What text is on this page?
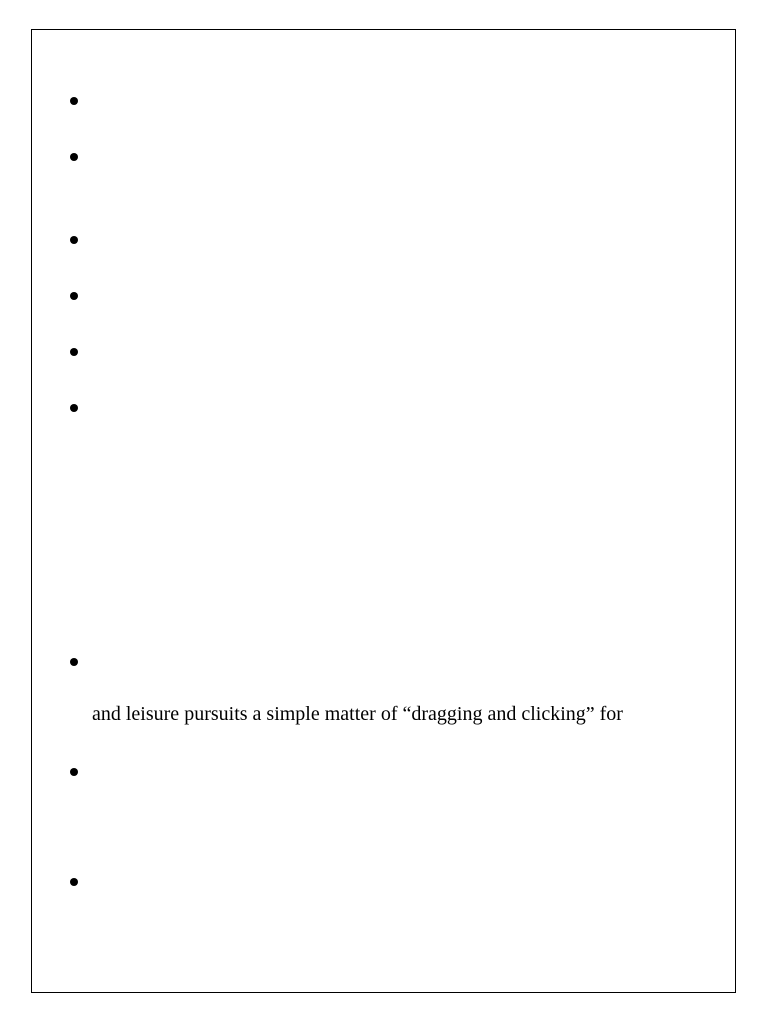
and leisure pursuits a simple matter of “dragging and clicking” for
